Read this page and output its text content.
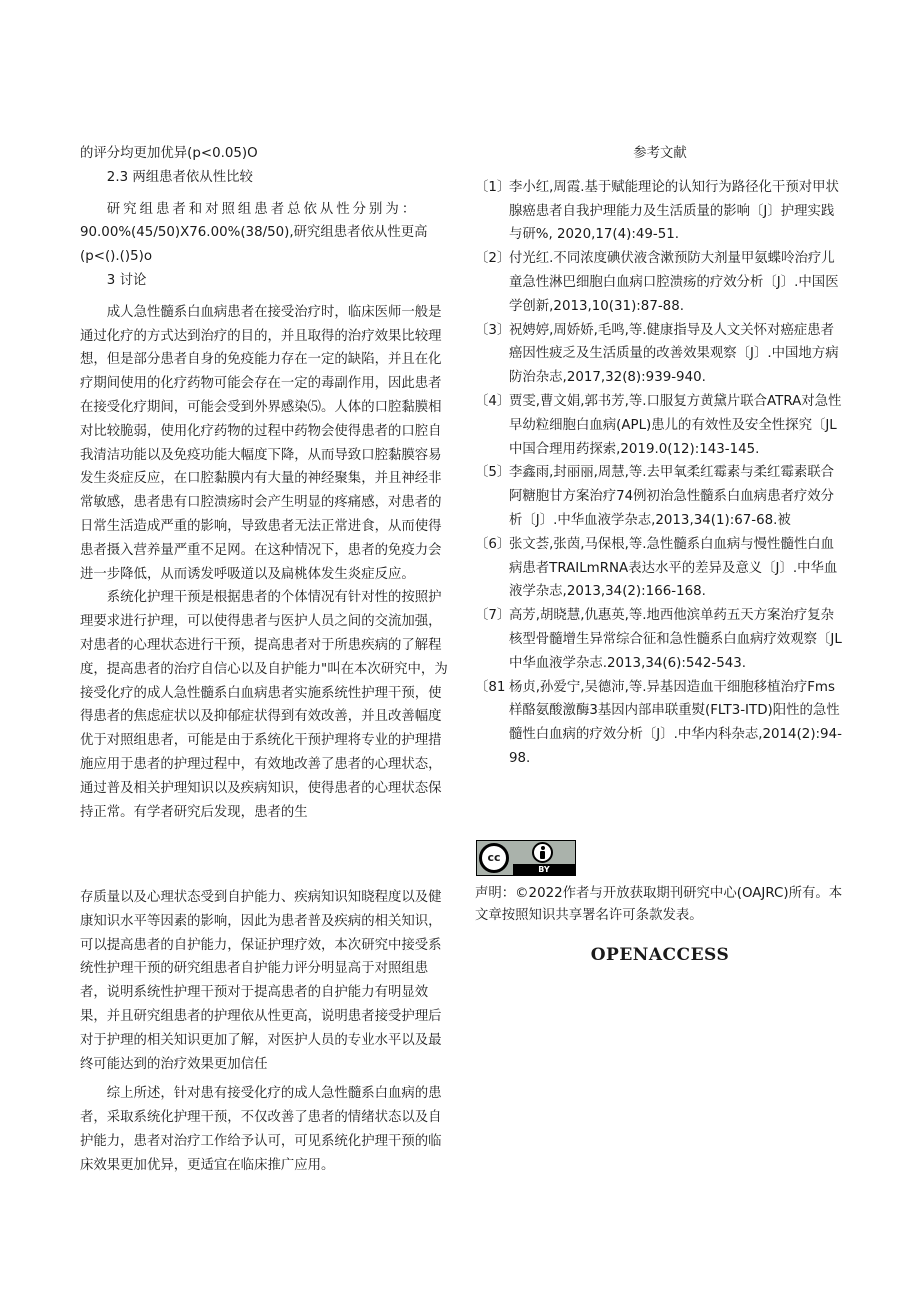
的评分均更加优异(p<0.05)O

2.3 两组患者依从性比较

研究组患者和对照组患者总依从性分别为：

90.00%(45/50)X76.00%(38/50),研究组患者依从性更高

(p<().()5)o

3 讨论

成人急性髓系白血病患者在接受治疗时，临床医师一般是通过化疗的方式达到治疗的目的，并且取得的治疗效果比较理想，但是部分患者自身的免疫能力存在一定的缺陷，并且在化疗期间使用的化疗药物可能会存在一定的毒副作用，因此患者在接受化疗期间，可能会受到外界感染⑸。人体的口腔黏膜相对比较脆弱，使用化疗药物的过程中药物会使得患者的口腔自我清洁功能以及免疫功能大幅度下降，从而导致口腔黏膜容易发生炎症反应，在口腔黏膜内有大量的神经聚集，并且神经非常敏感，患者患有口腔溃疡时会产生明显的疼痛感，对患者的日常生活造成严重的影响，导致患者无法正常进食，从而使得患者摄入营养量严重不足网。在这种情况下，患者的免疫力会进一步降低，从而诱发呼吸道以及扁桃体发生炎症反应。

系统化护理干预是根据患者的个体情况有针对性的按照护理要求进行护理，可以使得患者与医护人员之间的交流加强，对患者的心理状态进行干预，提高患者对于所患疾病的了解程度，提高患者的治疗自信心以及自护能力"叫在本次研究中，为接受化疗的成人急性髓系白血病患者实施系统性护理干预，使得患者的焦虑症状以及抑郁症状得到有效改善，并且改善幅度优于对照组患者，可能是由于系统化干预护理将专业的护理措施应用于患者的护理过程中，有效地改善了患者的心理状态，通过普及相关护理知识以及疾病知识，使得患者的心理状态保持正常。有学者研究后发现，患者的生

存质量以及心理状态受到自护能力、疾病知识知晓程度以及健康知识水平等因素的影响，因此为患者普及疾病的相关知识，可以提高患者的自护能力，保证护理疗效，本次研究中接受系统性护理干预的研究组患者自护能力评分明显高于对照组患者，说明系统性护理干预对于提高患者的自护能力有明显效果，并且研究组患者的护理依从性更高，说明患者接受护理后对于护理的相关知识更加了解，对医护人员的专业水平以及最终可能达到的治疗效果更加信任

综上所述，针对患有接受化疗的成人急性髓系白血病的患者，采取系统化护理干预，不仅改善了患者的情绪状态以及自护能力，患者对治疗工作给予认可，可见系统化护理干预的临床效果更加优异，更适宜在临床推广应用。

参考文献

〔1〕
李小红,周霞.基于赋能理论的认知行为路径化干预对甲状腺癌患者自我护理能力及生活质量的影响〔J〕护理实践与研%, 2020,17(4):49-51.
〔2〕
付光红.不同浓度碘伏液含漱预防大剂量甲氨蝶呤治疗儿童急性淋巴细胞白血病口腔溃疡的疗效分析〔J〕.中国医学创新,2013,10(31):87-88.
〔3〕
祝娉婷,周娇娇,毛鸣,等.健康指导及人文关怀对癌症患者癌因性疲乏及生活质量的改善效果观察〔J〕.中国地方病防治杂志,2017,32(8):939-940.
〔4〕
贾雯,曹文娟,郭书芳,等.口服复方黄黛片联合ATRA对急性早幼粒细胞白血病(APL)患儿的有效性及安全性探究〔JL中国合理用药探索,2019.0(12):143-145.
〔5〕
李鑫雨,封丽丽,周慧,等.去甲氧柔红霉素与柔红霉素联合阿糖胞甘方案治疗74例初治急性髓系白血病患者疗效分析〔J〕.中华血液学杂志,2013,34(1):67-68.被
〔6〕
张文荟,张茵,马保根,等.急性髓系白血病与慢性髓性白血病患者TRAILmRNA表达水平的差异及意义〔J〕.中华血液学杂志,2013,34(2):166-168.
〔7〕
高芳,胡晓慧,仇惠英,等.地西他滨单药五天方案治疗复杂核型骨髓增生异常综合征和急性髓系白血病疗效观察〔JL中华血液学杂志.2013,34(6):542-543.
〔81 杨贞,孙爱宁,吴德沛,等.异基因造血干细胞移植治疗Fms样酪氨酸激酶3基因内部串联重熨(FLT3-ITD)阳性的急性髓性白血病的疗效分析〔J〕.中华内科杂志,2014(2):94-98.
cc
BY

声明：©2022作者与开放获取期刊研究中心(OAJRC)所有。本文章按照知识共享署名许可条款发表。

OPENACCESS
